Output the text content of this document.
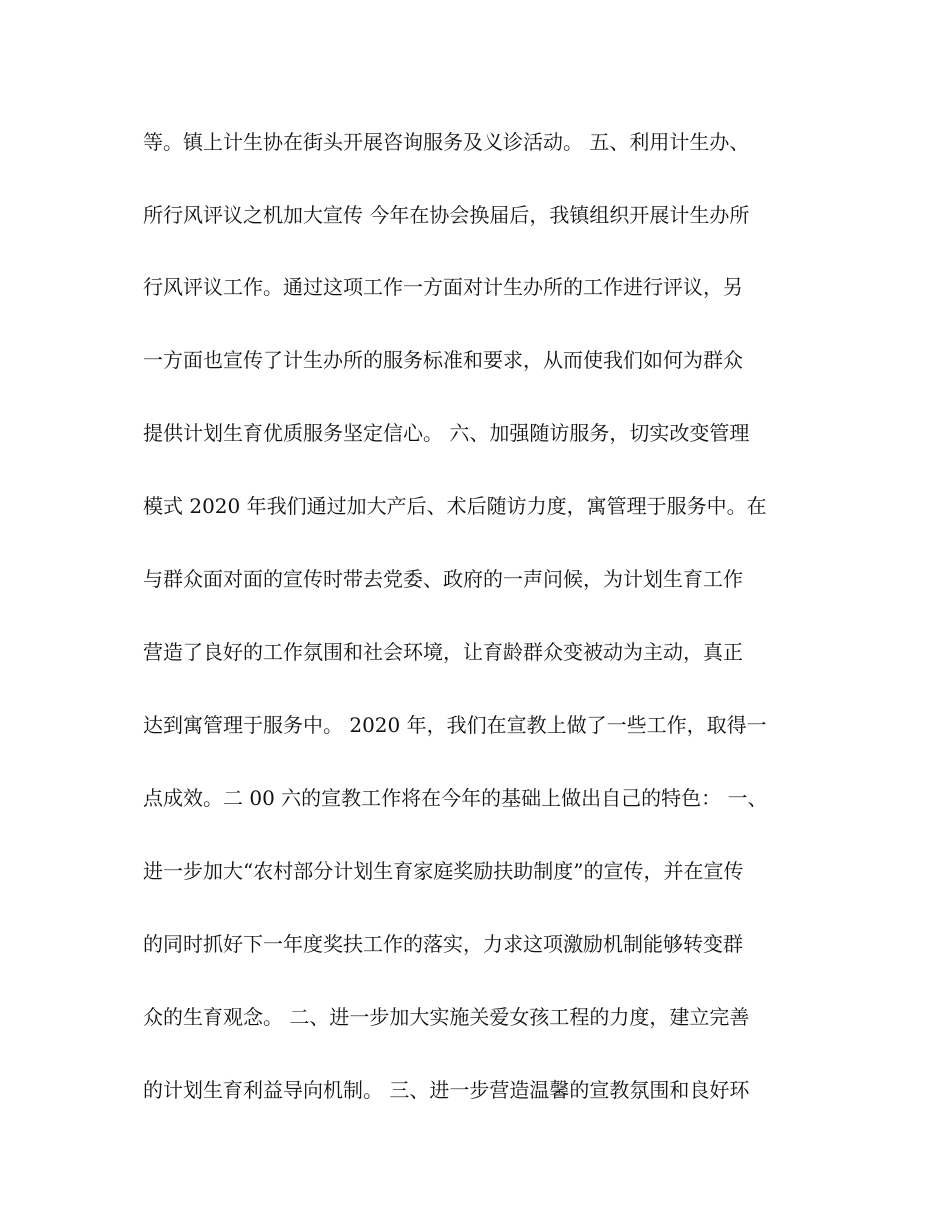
等。镇上计生协在街头开展咨询服务及义诊活动。 五、利用计生办、
所行风评议之机加大宣传 今年在协会换届后，我镇组织开展计生办所
行风评议工作。通过这项工作一方面对计生办所的工作进行评议，另
一方面也宣传了计生办所的服务标准和要求，从而使我们如何为群众
提供计划生育优质服务坚定信心。 六、加强随访服务，切实改变管理
模式 2020 年我们通过加大产后、术后随访力度，寓管理于服务中。在
与群众面对面的宣传时带去党委、政府的一声问候，为计划生育工作
营造了良好的工作氛围和社会环境，让育龄群众变被动为主动，真正
达到寓管理于服务中。 2020 年，我们在宣教上做了一些工作，取得一
点成效。二 00 六的宣教工作将在今年的基础上做出自己的特色： 一、
进一步加大“农村部分计划生育家庭奖励扶助制度”的宣传，并在宣传
的同时抓好下一年度奖扶工作的落实，力求这项激励机制能够转变群
众的生育观念。 二、进一步加大实施关爱女孩工程的力度，建立完善
的计划生育利益导向机制。 三、进一步营造温馨的宣教氛围和良好环
